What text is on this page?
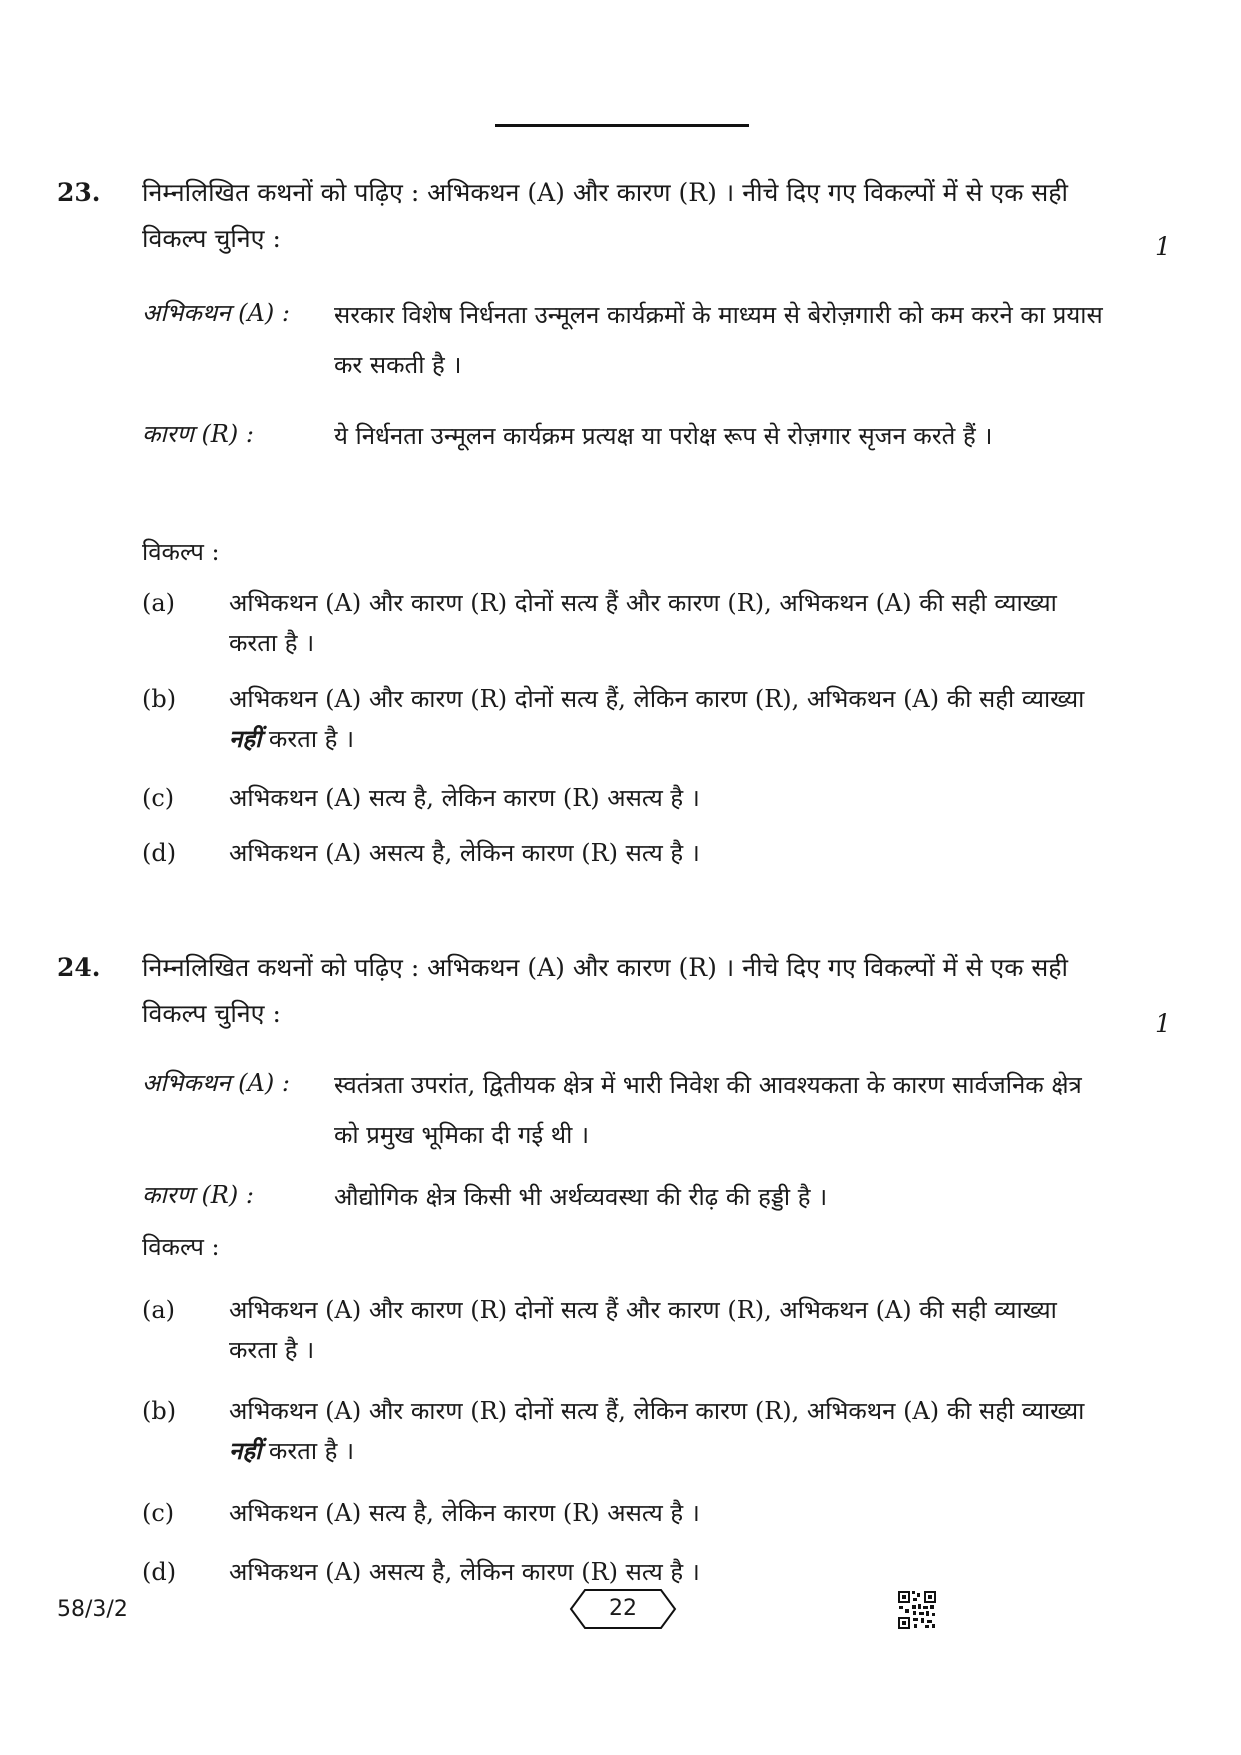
23. निम्नलिखित कथनों को पढ़िए : अभिकथन (A) और कारण (R) । नीचे दिए गए विकल्पों में से एक सही विकल्प चुनिए :	1
अभिकथन (A) : सरकार विशेष निर्धनता उन्मूलन कार्यक्रमों के माध्यम से बेरोज़गारी को कम करने का प्रयास कर सकती है ।
कारण (R) :	ये निर्धनता उन्मूलन कार्यक्रम प्रत्यक्ष या परोक्ष रूप से रोज़गार सृजन करते हैं ।
विकल्प :
(a) अभिकथन (A) और कारण (R) दोनों सत्य हैं और कारण (R), अभिकथन (A) की सही व्याख्या करता है ।
(b) अभिकथन (A) और कारण (R) दोनों सत्य हैं, लेकिन कारण (R), अभिकथन (A) की सही व्याख्या नहीं करता है ।
(c) अभिकथन (A) सत्य है, लेकिन कारण (R) असत्य है ।
(d) अभिकथन (A) असत्य है, लेकिन कारण (R) सत्य है ।
24. निम्नलिखित कथनों को पढ़िए : अभिकथन (A) और कारण (R) । नीचे दिए गए विकल्पों में से एक सही विकल्प चुनिए :	1
अभिकथन (A) : स्वतंत्रता उपरांत, द्वितीयक क्षेत्र में भारी निवेश की आवश्यकता के कारण सार्वजनिक क्षेत्र को प्रमुख भूमिका दी गई थी ।
कारण (R) :	औद्योगिक क्षेत्र किसी भी अर्थव्यवस्था की रीढ़ की हड्डी है ।
विकल्प :
(a) अभिकथन (A) और कारण (R) दोनों सत्य हैं और कारण (R), अभिकथन (A) की सही व्याख्या करता है ।
(b) अभिकथन (A) और कारण (R) दोनों सत्य हैं, लेकिन कारण (R), अभिकथन (A) की सही व्याख्या नहीं करता है ।
(c) अभिकथन (A) सत्य है, लेकिन कारण (R) असत्य है ।
(d) अभिकथन (A) असत्य है, लेकिन कारण (R) सत्य है ।
58/3/2	22
